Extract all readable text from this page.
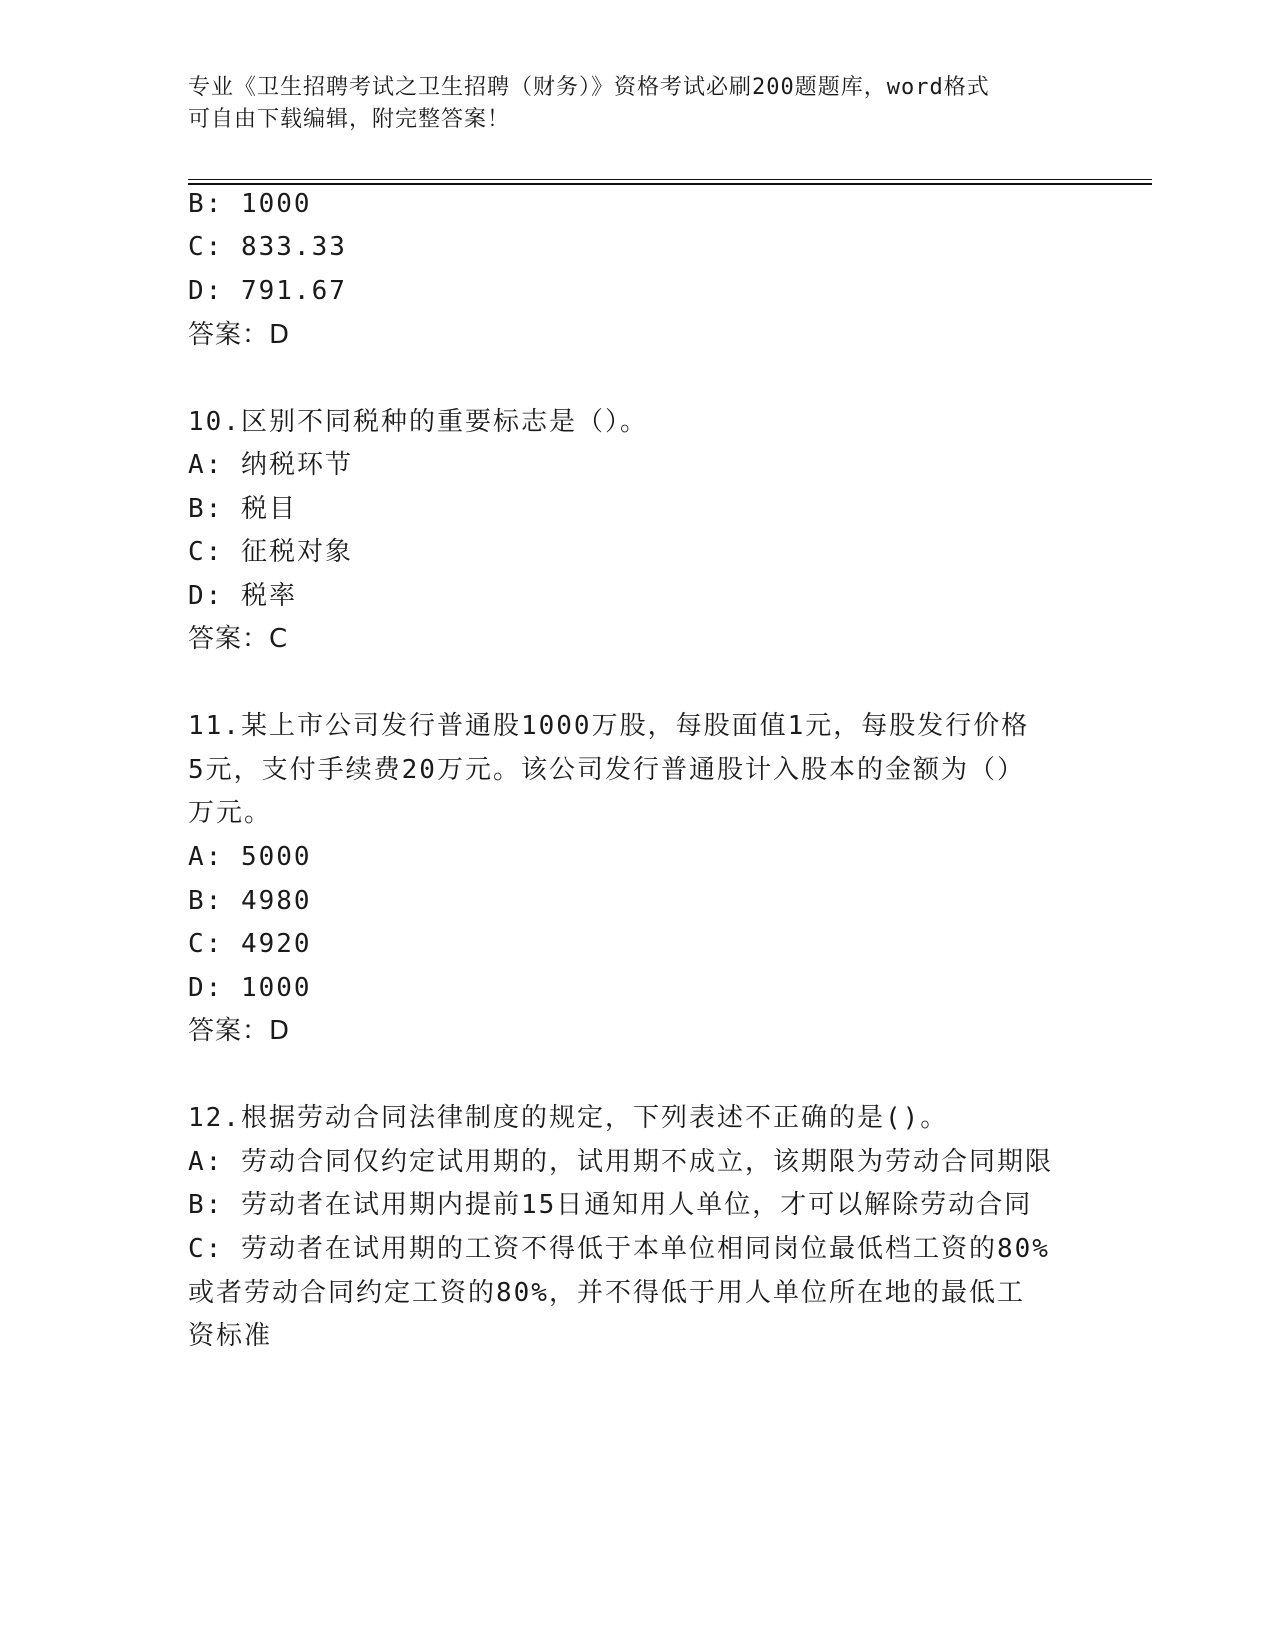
专业《卫生招聘考试之卫生招聘（财务）》资格考试必刷200题题库，word格式
可自由下载编辑，附完整答案！
B: 1000
C: 833.33
D: 791.67
答案：D
10.区别不同税种的重要标志是（）。
A: 纳税环节
B: 税目
C: 征税对象
D: 税率
答案：C
11.某上市公司发行普通股1000万股，每股面值1元，每股发行价格
5元，支付手续费20万元。该公司发行普通股计入股本的金额为（）
万元。
A: 5000
B: 4980
C: 4920
D: 1000
答案：D
12.根据劳动合同法律制度的规定，下列表述不正确的是()。
A: 劳动合同仅约定试用期的，试用期不成立，该期限为劳动合同期限
B: 劳动者在试用期内提前15日通知用人单位，才可以解除劳动合同
C: 劳动者在试用期的工资不得低于本单位相同岗位最低档工资的80%
或者劳动合同约定工资的80%，并不得低于用人单位所在地的最低工
资标准
